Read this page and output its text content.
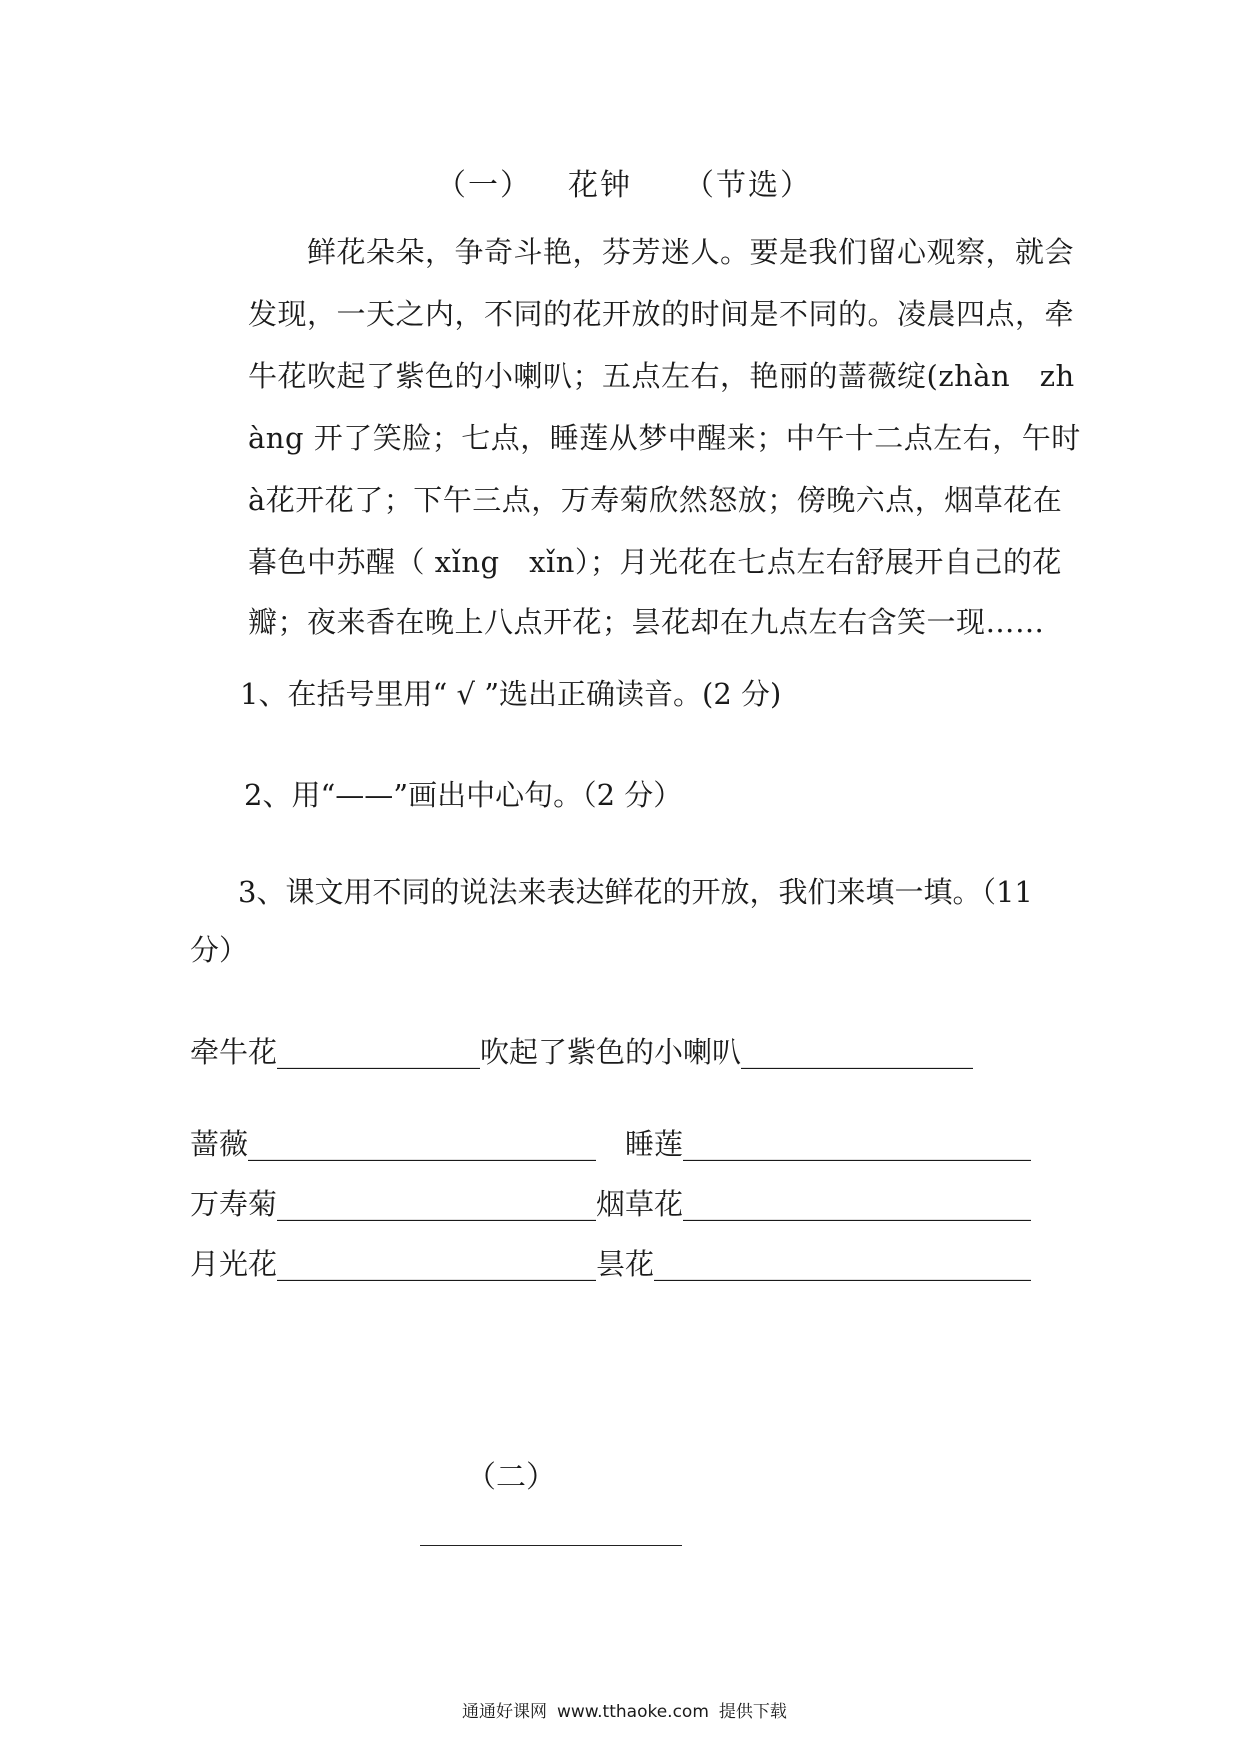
（一） 花钟 （节选）
　　鲜花朵朵，争奇斗艳，芬芳迷人。要是我们留心观察，就会
发现，一天之内，不同的花开放的时间是不同的。凌晨四点，牵
牛花吹起了紫色的小喇叭；五点左右，艳丽的蔷薇绽(zhàn　zh
àng 开了笑脸；七点，睡莲从梦中醒来；中午十二点左右，午时
à花开花了；下午三点，万寿菊欣然怒放；傍晚六点，烟草花在
暮色中苏醒（ xǐng　xǐn）；月光花在七点左右舒展开自己的花
瓣；夜来香在晚上八点开花；昙花却在九点左右含笑一现……
1、在括号里用“ √ ”选出正确读音。(2 分)
2、用“——”画出中心句。（2 分）
3、课文用不同的说法来表达鲜花的开放，我们来填一填。（11
分）
牵牛花______________吹起了紫色的小喇叭________________
蔷薇________________________　睡莲________________________
万寿菊______________________烟草花________________________
月光花______________________昙花__________________________
（二）
通通好课网 www.tthaoke.com 提供下载
